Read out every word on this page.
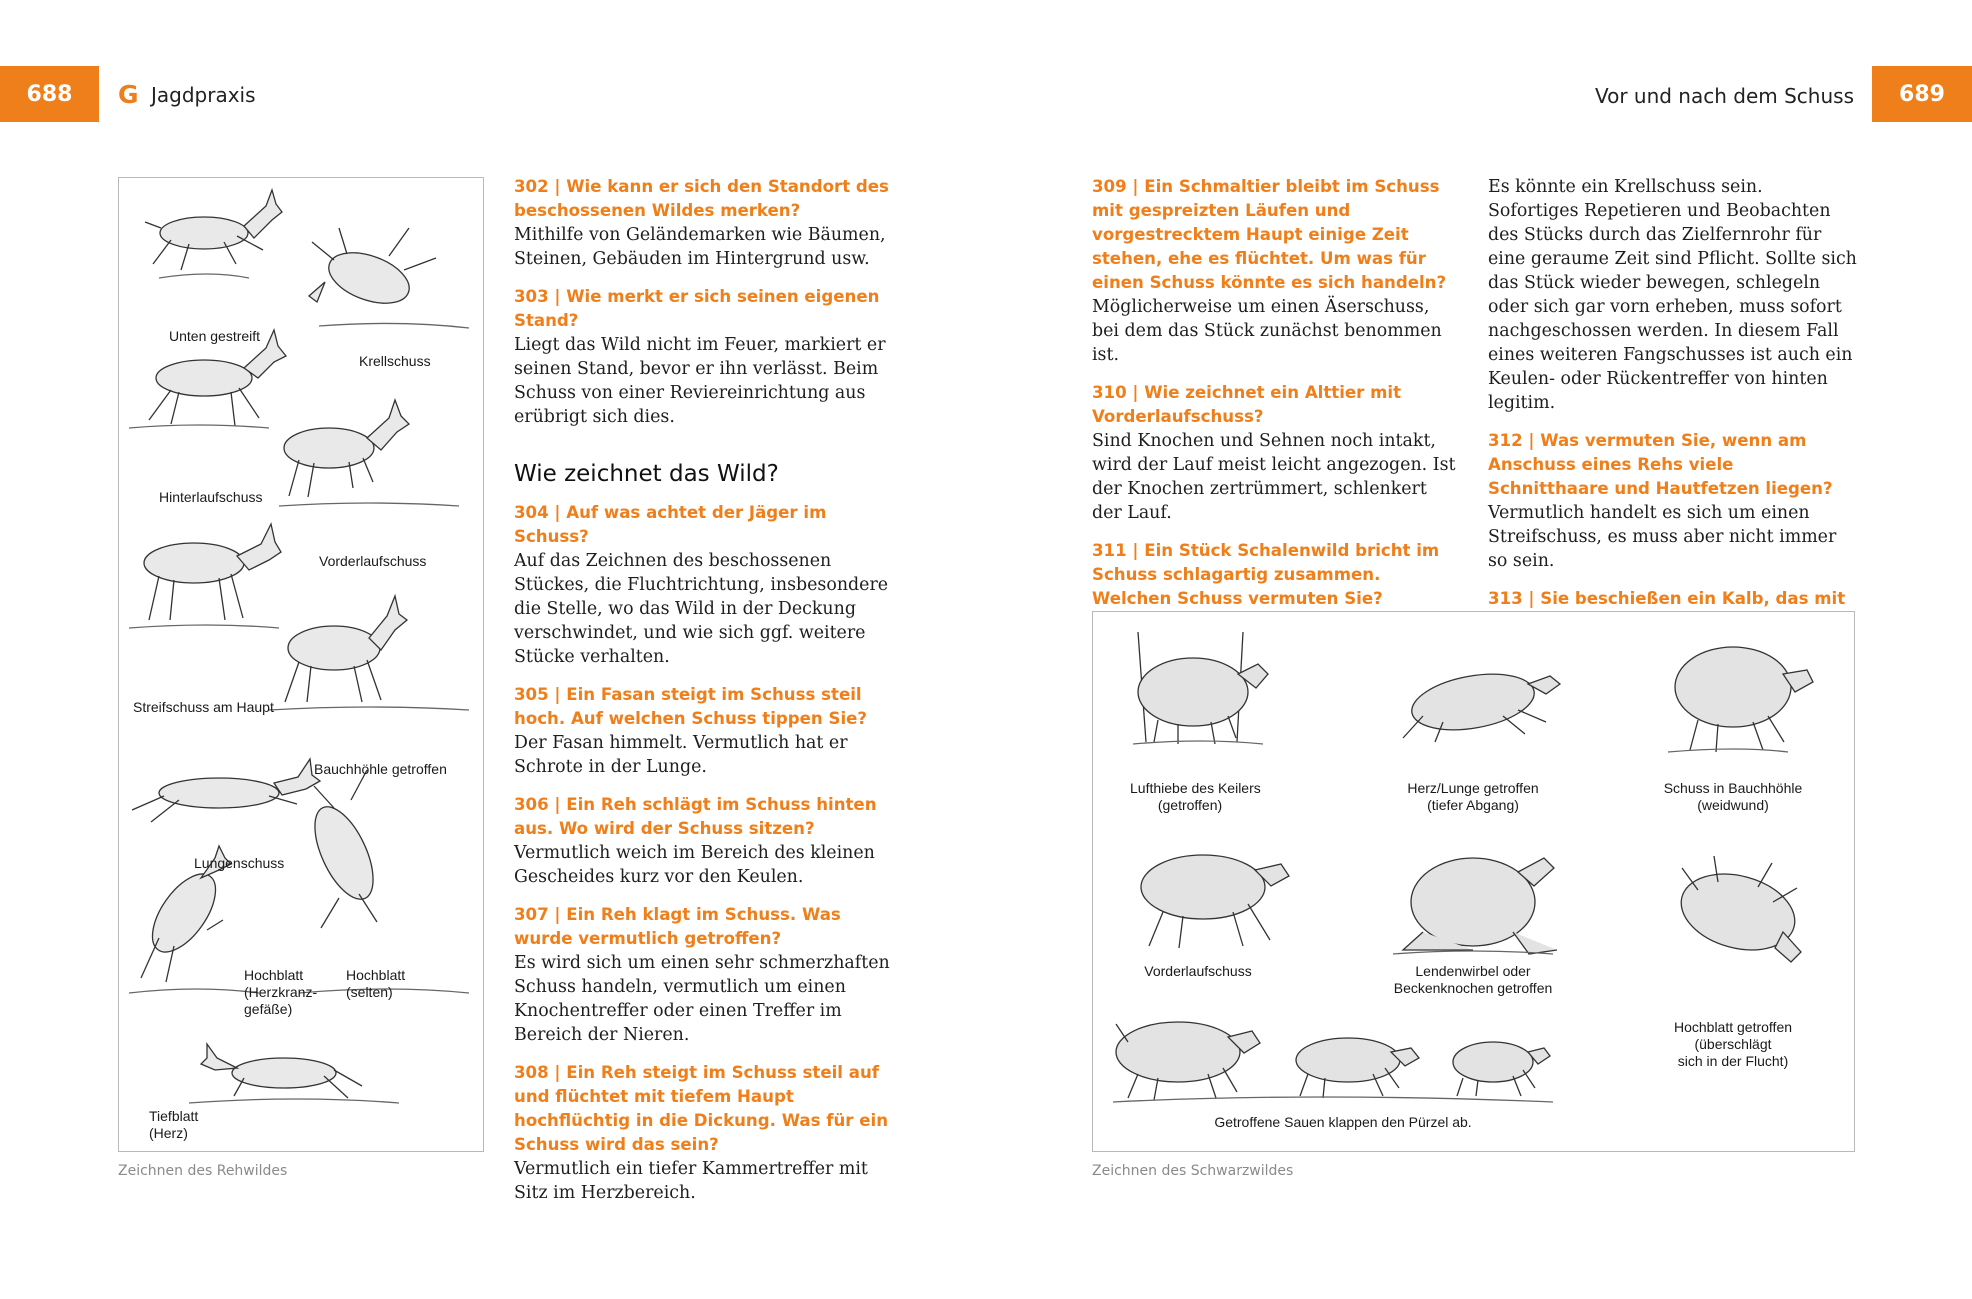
688	G Jagdpraxis	Vor und nach dem Schuss	689
Unten gestreift
Krellschuss
Hinterlaufschuss
Vorderlaufschuss
Streifschuss am Haupt
Bauchhöhle getroffen
Lungenschuss
Hochblatt
(Herzkranz-
gefäße)
Hochblatt
(selten)
Tiefblatt
(Herz)
Zeichnen des Rehwildes
302 | Wie kann er sich den Standort des beschossenen Wildes merken?
Mithilfe von Geländemarken wie Bäumen, Steinen, Gebäuden im Hintergrund usw.
303 | Wie merkt er sich seinen eigenen Stand?
Liegt das Wild nicht im Feuer, markiert er seinen Stand, bevor er ihn verlässt. Beim Schuss von einer Reviereinrichtung aus erübrigt sich dies.
Wie zeichnet das Wild?
304 | Auf was achtet der Jäger im Schuss?
Auf das Zeichnen des beschossenen Stückes, die Fluchtrichtung, insbesondere die Stelle, wo das Wild in der Deckung verschwindet, und wie sich ggf. weitere Stücke verhalten.
305 | Ein Fasan steigt im Schuss steil hoch. Auf welchen Schuss tippen Sie?
Der Fasan himmelt. Vermutlich hat er Schrote in der Lunge.
306 | Ein Reh schlägt im Schuss hinten aus. Wo wird der Schuss sitzen?
Vermutlich weich im Bereich des kleinen Gescheides kurz vor den Keulen.
307 | Ein Reh klagt im Schuss. Was wurde vermutlich getroffen?
Es wird sich um einen sehr schmerzhaften Schuss handeln, vermutlich um einen Knochentreffer oder einen Treffer im Bereich der Nieren.
308 | Ein Reh steigt im Schuss steil auf und flüchtet mit tiefem Haupt hochflüchtig in die Dickung. Was für ein Schuss wird das sein?
Vermutlich ein tiefer Kammertreffer mit Sitz im Herzbereich.
309 | Ein Schmaltier bleibt im Schuss mit gespreizten Läufen und vorgestrecktem Haupt einige Zeit stehen, ehe es flüchtet. Um was für einen Schuss könnte es sich handeln?
Möglicherweise um einen Äserschuss, bei dem das Stück zunächst benommen ist.
310 | Wie zeichnet ein Alttier mit Vorderlaufschuss?
Sind Knochen und Sehnen noch intakt, wird der Lauf meist leicht angezogen. Ist der Knochen zertrümmert, schlenkert der Lauf.
311 | Ein Stück Schalenwild bricht im Schuss schlagartig zusammen. Welchen Schuss vermuten Sie?
Es könnte ein Krellschuss sein. Sofortiges Repetieren und Beobachten des Stücks durch das Zielfernrohr für eine geraume Zeit sind Pflicht. Sollte sich das Stück wieder bewegen, schlegeln oder sich gar vorn erheben, muss sofort nachgeschossen werden. In diesem Fall eines weiteren Fangschusses ist auch ein Keulen- oder Rückentreffer von hinten legitim.
312 | Was vermuten Sie, wenn am Anschuss eines Rehs viele Schnitthaare und Hautfetzen liegen?
Vermutlich handelt es sich um einen Streifschuss, es muss aber nicht immer so sein.
313 | Sie beschießen ein Kalb, das mit
Lufthiebe des Keilers
(getroffen)
Herz/Lunge getroffen
(tiefer Abgang)
Schuss in Bauchhöhle
(weidwund)
Vorderlaufschuss	Lendenwirbel oder
Beckenknochen getroffen
Hochblatt getroffen
(überschlägt
sich in der Flucht)
Getroffene Sauen klappen den Pürzel ab.
Zeichnen des Schwarzwildes
